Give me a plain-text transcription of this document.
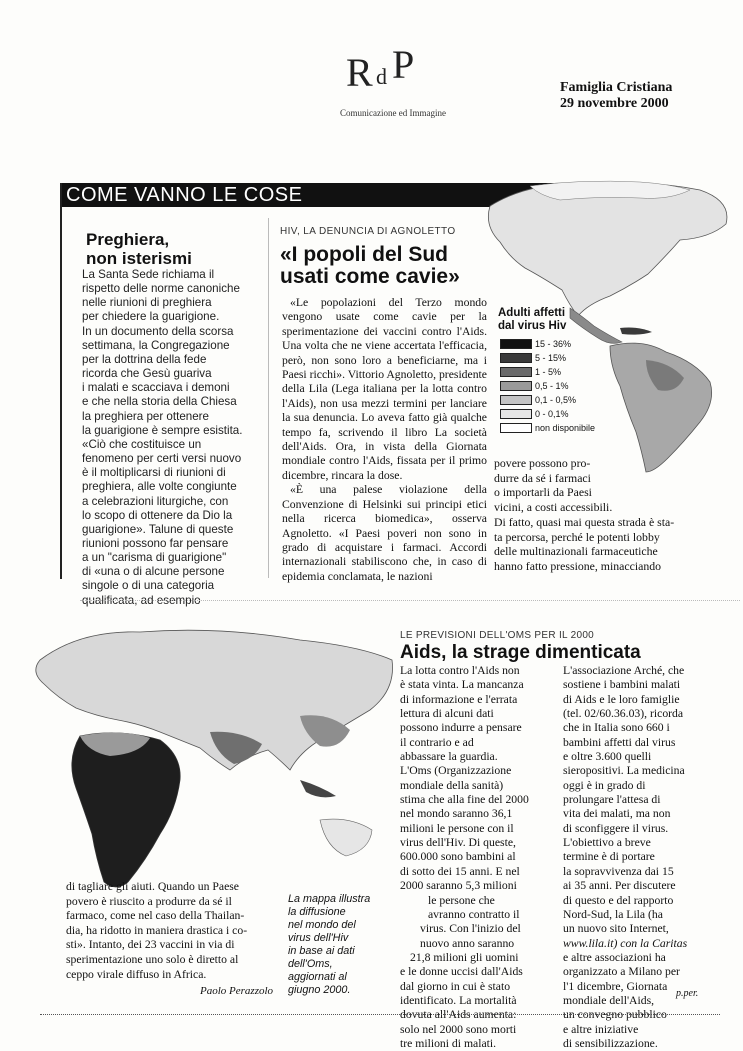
R d P
Comunicazione ed Immagine
Famiglia Cristiana
29 novembre 2000
COME VANNO LE COSE
Adulti affetti
dal virus Hiv
15 - 36%
5 - 15%
1 - 5%
0,5 - 1%
0,1 - 0,5%
0 - 0,1%
non disponibile
Preghiera,
non isterismi

La Santa Sede richiama il

rispetto delle norme canoniche

nelle riunioni di preghiera

per chiedere la guarigione.

In un documento della scorsa

settimana, la Congregazione

per la dottrina della fede

ricorda che Gesù guariva

i malati e scacciava i demoni

e che nella storia della Chiesa

la preghiera per ottenere

la guarigione è sempre esistita.

«Ciò che costituisce un

fenomeno per certi versi nuovo

è il moltiplicarsi di riunioni di

preghiera, alle volte congiunte

a celebrazioni liturgiche, con

lo scopo di ottenere da Dio la

guarigione». Talune di queste

riunioni possono far pensare

a un "carisma di guarigione"

di «una o di alcune persone

singole o di una categoria

qualificata, ad esempio

HIV, LA DENUNCIA DI AGNOLETTO
«I popoli del Sud
usati come cavie»

«Le popolazioni del Terzo mondo vengono usate come cavie per la sperimentazione dei vaccini contro l'Aids. Una volta che ne viene accertata l'efficacia, però, non sono loro a beneficiarne, ma i Paesi ricchi». Vittorio Agnoletto, presidente della Lila (Lega italiana per la lotta contro l'Aids), non usa mezzi termini per lanciare la sua denuncia. Lo aveva fatto già qualche tempo fa, scrivendo il libro La società dell'Aids. Ora, in vista della Giornata mondiale contro l'Aids, fissata per il primo dicembre, rincara la dose.

«È una palese violazione della Convenzione di Helsinki sui principi etici nella ricerca biomedica», osserva Agnoletto. «I Paesi poveri non sono in grado di acquistare i farmaci. Accordi internazionali stabiliscono che, in caso di epidemia conclamata, le nazioni

povere possono pro-

durre da sé i farmaci

o importarli da Paesi

vicini, a costi accessibili.

Di fatto, quasi mai questa strada è sta-

ta percorsa, perché le potenti lobby

delle multinazionali farmaceutiche

hanno fatto pressione, minacciando

LE PREVISIONI DELL'OMS PER IL 2000
Aids, la strage dimenticata

La lotta contro l'Aids non

è stata vinta. La mancanza

di informazione e l'errata

lettura di alcuni dati

possono indurre a pensare

il contrario e ad

abbassare la guardia.

L'Oms (Organizzazione

mondiale della sanità)

stima che alla fine del 2000

nel mondo saranno 36,1

milioni le persone con il

virus dell'Hiv. Di queste,

600.000 sono bambini al

di sotto dei 15 anni. E nel

2000 saranno 5,3 milioni

le persone che

avranno contratto il

virus. Con l'inizio del

nuovo anno saranno

21,8 milioni gli uomini

e le donne uccisi dall'Aids

dal giorno in cui è stato

identificato. La mortalità

dovuta all'Aids aumenta:

solo nel 2000 sono morti

tre milioni di malati.

L'associazione Arché, che

sostiene i bambini malati

di Aids e le loro famiglie

(tel. 02/60.36.03), ricorda

che in Italia sono 660 i

bambini affetti dal virus

e oltre 3.600 quelli

sieropositivi. La medicina

oggi è in grado di

prolungare l'attesa di

vita dei malati, ma non

di sconfiggere il virus.

L'obiettivo a breve

termine è di portare

la sopravvivenza dai 15

ai 35 anni. Per discutere

di questo e del rapporto

Nord-Sud, la Lila (ha

un nuovo sito Internet,

www.lila.it) con la Caritas

e altre associazioni ha

organizzato a Milano per

l'1 dicembre, Giornata

mondiale dell'Aids,

un convegno pubblico

e altre iniziative

di sensibilizzazione.

p.per.

di tagliare gli aiuti. Quando un Paese

povero è riuscito a produrre da sé il

farmaco, come nel caso della Thailan-

dia, ha ridotto in maniera drastica i co-

sti». Intanto, dei 23 vaccini in via di

sperimentazione uno solo è diretto al

ceppo virale diffuso in Africa.

Paolo Perazzolo
La mappa illustra
la diffusione
nel mondo del
virus dell'Hiv
in base ai dati
dell'Oms,
aggiornati al
giugno 2000.
